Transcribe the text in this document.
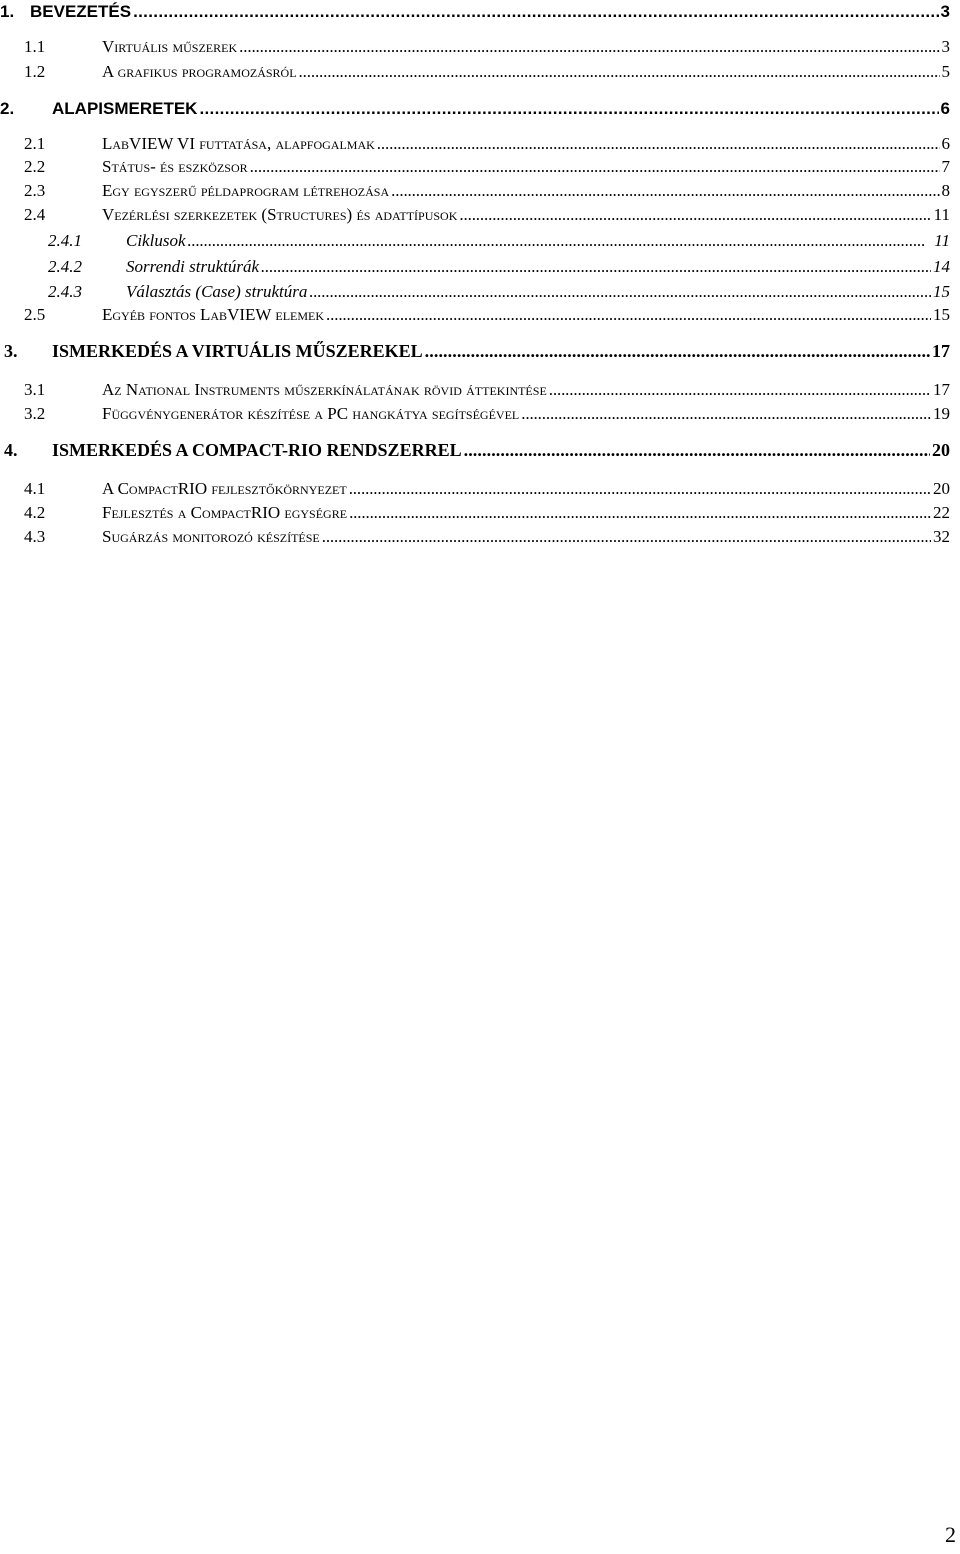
1. BEVEZETÉS . . .	3
1.1	Virtuális műszerek . . .	3
1.2	A grafikus programozásról . . .	5
2. ALAPISMERETEK . . .	6
2.1	LabVIEW VI futtatása, alapfogalmak . . .	6
2.2	Státus- és eszközsor . . .	7
2.3	Egy egyszerű példaprogram létrehozása . . .	8
2.4	Vezérlési szerkezetek (Structures) és adattípusok . . .	11
2.4.1	Ciklusok . . .	11
2.4.2	Sorrendi struktúrák . . .	14
2.4.3	Választás (Case) struktúra . . .	15
2.5	Egyéb fontos LabVIEW elemek . . .	15
3. ISMERKEDÉS A VIRTUÁLIS MŰSZEREKEL . . .	17
3.1	Az National Instruments műszerkínálatának rövid áttekintése . . .	17
3.2	Függvénygenerátor készítése a PC hangkátya segítségével . . .	19
4. ISMERKEDÉS A COMPACT-RIO RENDSZERREL . . .	20
4.1	A CompactRIO fejlesztőkörnyezet . . .	20
4.2	Fejlesztés a CompactRIO egységre . . .	22
4.3	Sugárzás monitorozó készítése . . .	32
2
